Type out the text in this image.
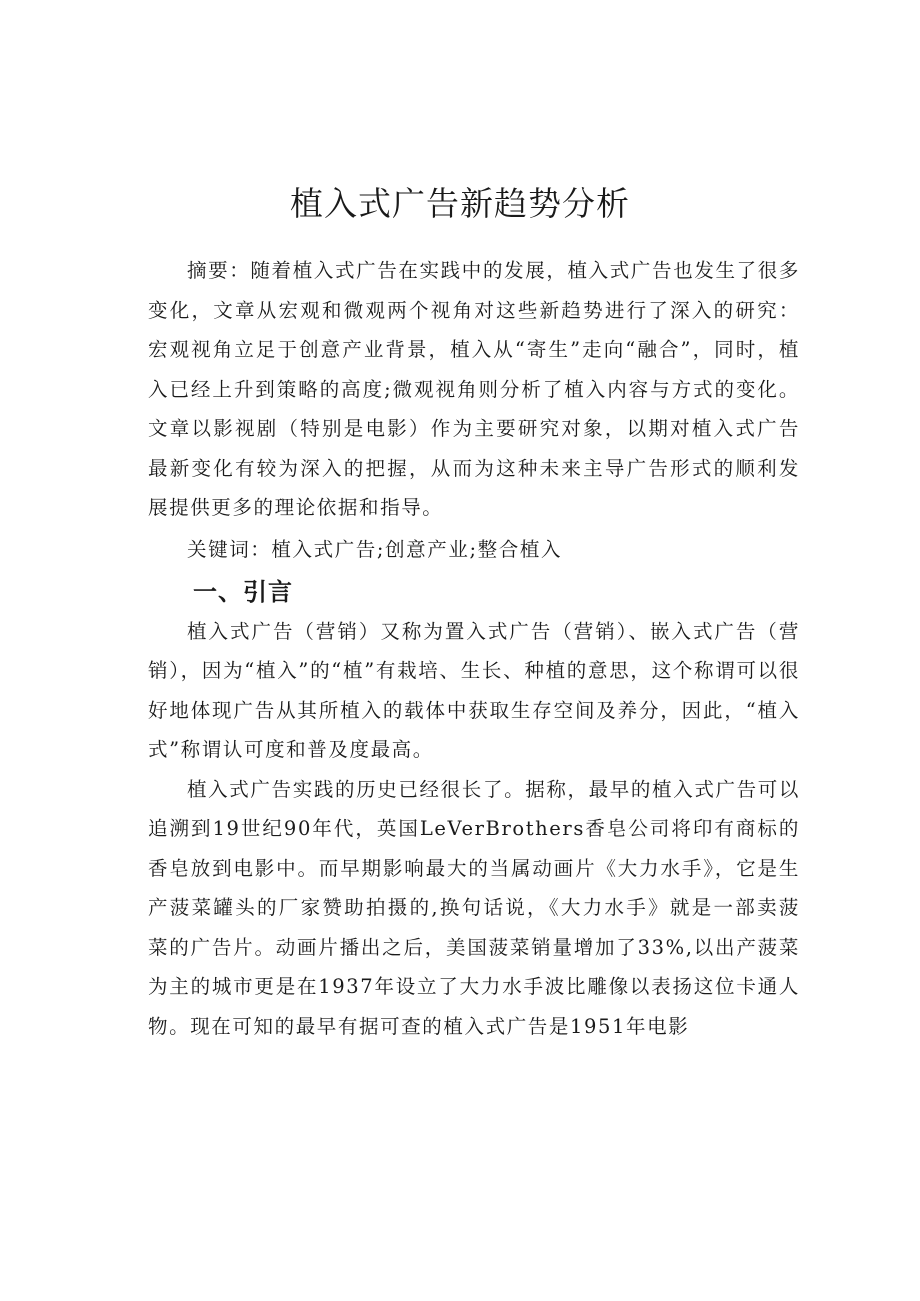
植入式广告新趋势分析

摘要：随着植入式广告在实践中的发展，植入式广告也发生了很多变化，文章从宏观和微观两个视角对这些新趋势进行了深入的研究：宏观视角立足于创意产业背景，植入从“寄生”走向“融合”，同时，植入已经上升到策略的高度;微观视角则分析了植入内容与方式的变化。文章以影视剧（特别是电影）作为主要研究对象，以期对植入式广告最新变化有较为深入的把握，从而为这种未来主导广告形式的顺利发展提供更多的理论依据和指导。

关键词：植入式广告;创意产业;整合植入

一、引言

植入式广告（营销）又称为置入式广告（营销）、嵌入式广告（营销），因为“植入”的“植”有栽培、生长、种植的意思，这个称谓可以很好地体现广告从其所植入的载体中获取生存空间及养分，因此，“植入式”称谓认可度和普及度最高。

植入式广告实践的历史已经很长了。据称，最早的植入式广告可以追溯到19世纪90年代，英国LeVerBrothers香皂公司将印有商标的香皂放到电影中。而早期影响最大的当属动画片《大力水手》，它是生产菠菜罐头的厂家赞助拍摄的,换句话说，《大力水手》就是一部卖菠菜的广告片。动画片播出之后，美国菠菜销量增加了33%,以出产菠菜为主的城市更是在1937年设立了大力水手波比雕像以表扬这位卡通人物。现在可知的最早有据可查的植入式广告是1951年电影
